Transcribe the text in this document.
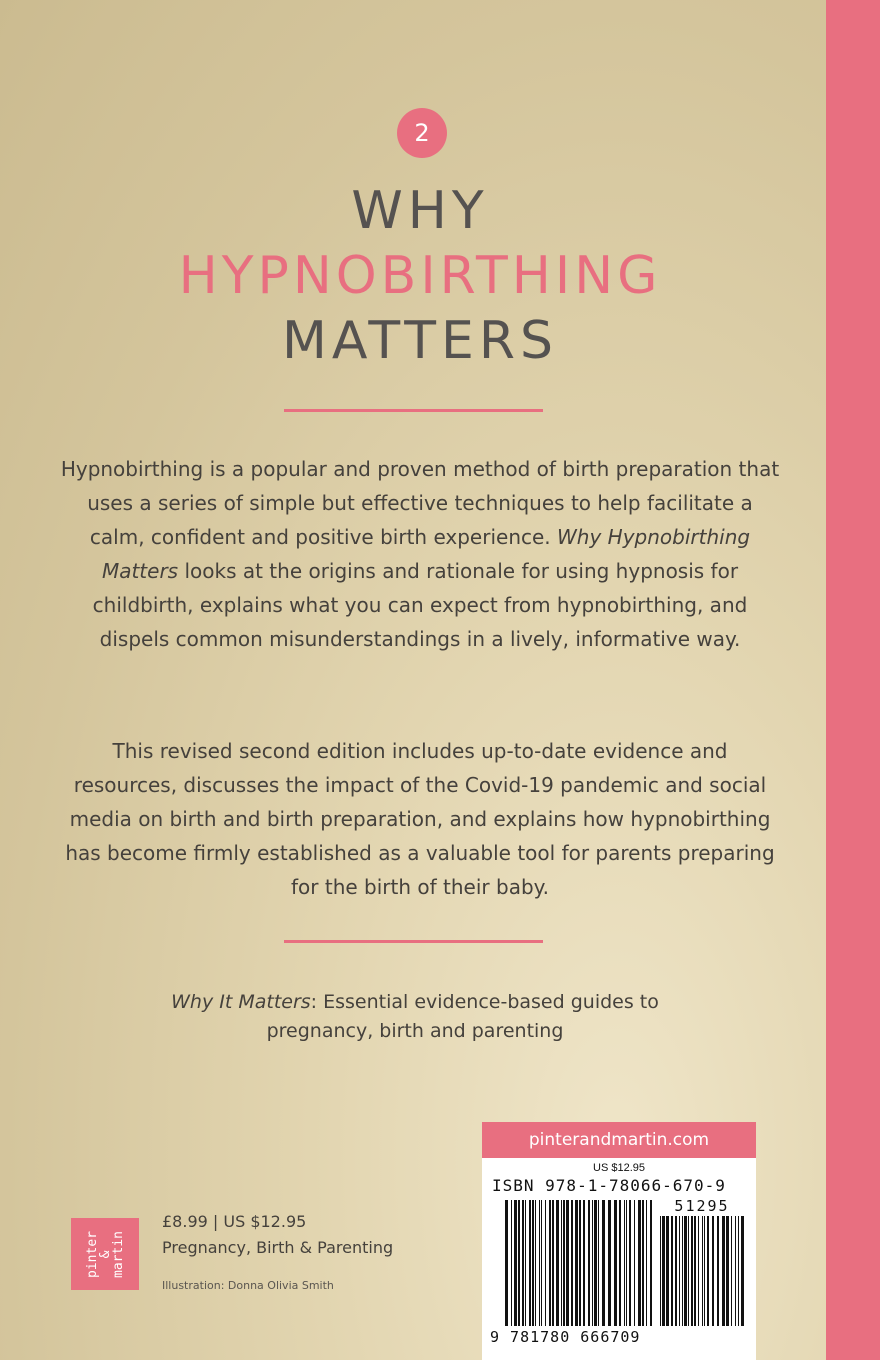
2
WHY
HYPNOBIRTHING
MATTERS

Hypnobirthing is a popular and proven method of birth preparation that uses a series of simple but effective techniques to help facilitate a calm, confident and positive birth experience. Why Hypnobirthing Matters looks at the origins and rationale for using hypnosis for childbirth, explains what you can expect from hypnobirthing, and dispels common misunderstandings in a lively, informative way.

This revised second edition includes up-to-date evidence and resources, discusses the impact of the Covid-19 pandemic and social media on birth and birth preparation, and explains how hypnobirthing has become firmly established as a valuable tool for parents preparing for the birth of their baby.

Why It Matters: Essential evidence-based guides to pregnancy, birth and parenting
pinter
&
martin
£8.99 | US $12.95
Pregnancy, Birth & Parenting
Illustration: Donna Olivia Smith
pinterandmartin.com
US $12.95
ISBN 978-1-78066-670-9
51295
9 781780 666709
